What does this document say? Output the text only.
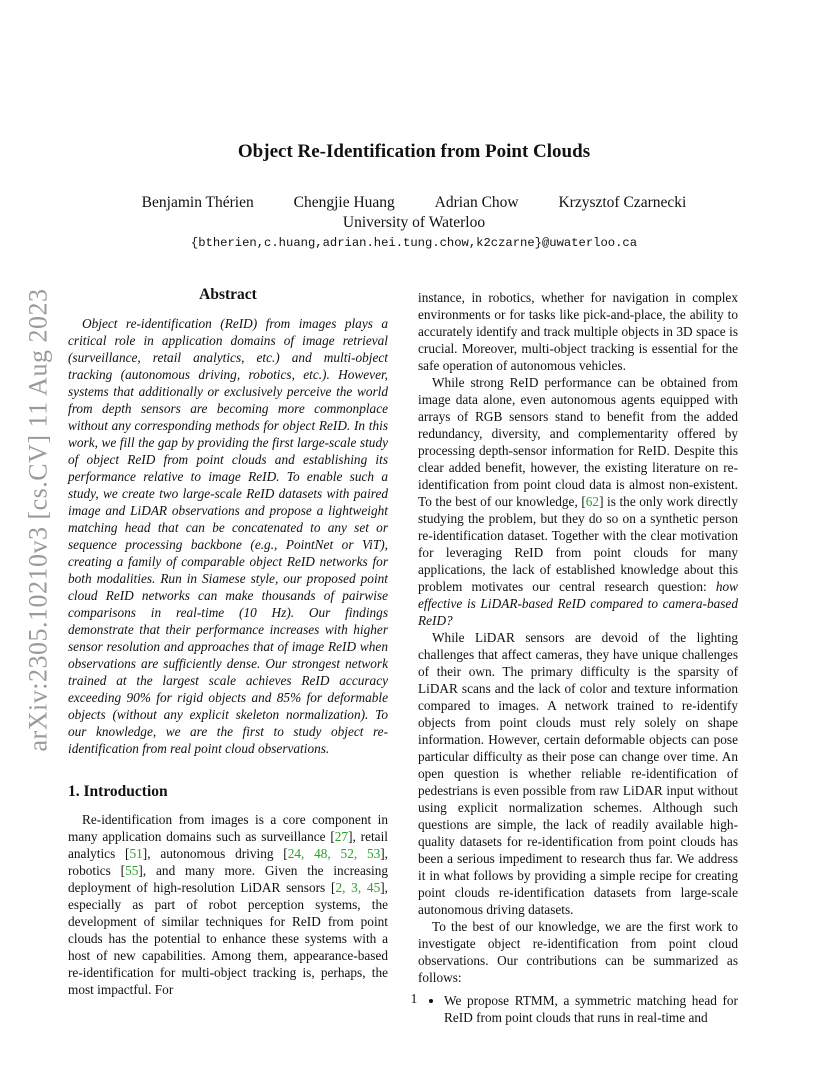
arXiv:2305.10210v3 [cs.CV] 11 Aug 2023
Object Re-Identification from Point Clouds
Benjamin Thérien	Chengjie Huang	Adrian Chow	Krzysztof Czarnecki
University of Waterloo
{btherien,c.huang,adrian.hei.tung.chow,k2czarne}@uwaterloo.ca
Abstract

Object re-identification (ReID) from images plays a critical role in application domains of image retrieval (surveillance, retail analytics, etc.) and multi-object tracking (autonomous driving, robotics, etc.). However, systems that additionally or exclusively perceive the world from depth sensors are becoming more commonplace without any corresponding methods for object ReID. In this work, we fill the gap by providing the first large-scale study of object ReID from point clouds and establishing its performance relative to image ReID. To enable such a study, we create two large-scale ReID datasets with paired image and LiDAR observations and propose a lightweight matching head that can be concatenated to any set or sequence processing backbone (e.g., PointNet or ViT), creating a family of comparable object ReID networks for both modalities. Run in Siamese style, our proposed point cloud ReID networks can make thousands of pairwise comparisons in real-time (10 Hz). Our findings demonstrate that their performance increases with higher sensor resolution and approaches that of image ReID when observations are sufficiently dense. Our strongest network trained at the largest scale achieves ReID accuracy exceeding 90% for rigid objects and 85% for deformable objects (without any explicit skeleton normalization). To our knowledge, we are the first to study object re-identification from real point cloud observations.

1. Introduction

Re-identification from images is a core component in many application domains such as surveillance [27], retail analytics [51], autonomous driving [24, 48, 52, 53], robotics [55], and many more. Given the increasing deployment of high-resolution LiDAR sensors [2, 3, 45], especially as part of robot perception systems, the development of similar techniques for ReID from point clouds has the potential to enhance these systems with a host of new capabilities. Among them, appearance-based re-identification for multi-object tracking is, perhaps, the most impactful. For

instance, in robotics, whether for navigation in complex environments or for tasks like pick-and-place, the ability to accurately identify and track multiple objects in 3D space is crucial. Moreover, multi-object tracking is essential for the safe operation of autonomous vehicles.

While strong ReID performance can be obtained from image data alone, even autonomous agents equipped with arrays of RGB sensors stand to benefit from the added redundancy, diversity, and complementarity offered by processing depth-sensor information for ReID. Despite this clear added benefit, however, the existing literature on re-identification from point cloud data is almost non-existent. To the best of our knowledge, [62] is the only work directly studying the problem, but they do so on a synthetic person re-identification dataset. Together with the clear motivation for leveraging ReID from point clouds for many applications, the lack of established knowledge about this problem motivates our central research question: how effective is LiDAR-based ReID compared to camera-based ReID?

While LiDAR sensors are devoid of the lighting challenges that affect cameras, they have unique challenges of their own. The primary difficulty is the sparsity of LiDAR scans and the lack of color and texture information compared to images. A network trained to re-identify objects from point clouds must rely solely on shape information. However, certain deformable objects can pose particular difficulty as their pose can change over time. An open question is whether reliable re-identification of pedestrians is even possible from raw LiDAR input without using explicit normalization schemes. Although such questions are simple, the lack of readily available high-quality datasets for re-identification from point clouds has been a serious impediment to research thus far. We address it in what follows by providing a simple recipe for creating point clouds re-identification datasets from large-scale autonomous driving datasets.

To the best of our knowledge, we are the first work to investigate object re-identification from point cloud observations. Our contributions can be summarized as follows:

• We propose RTMM, a symmetric matching head for ReID from point clouds that runs in real-time and
1
